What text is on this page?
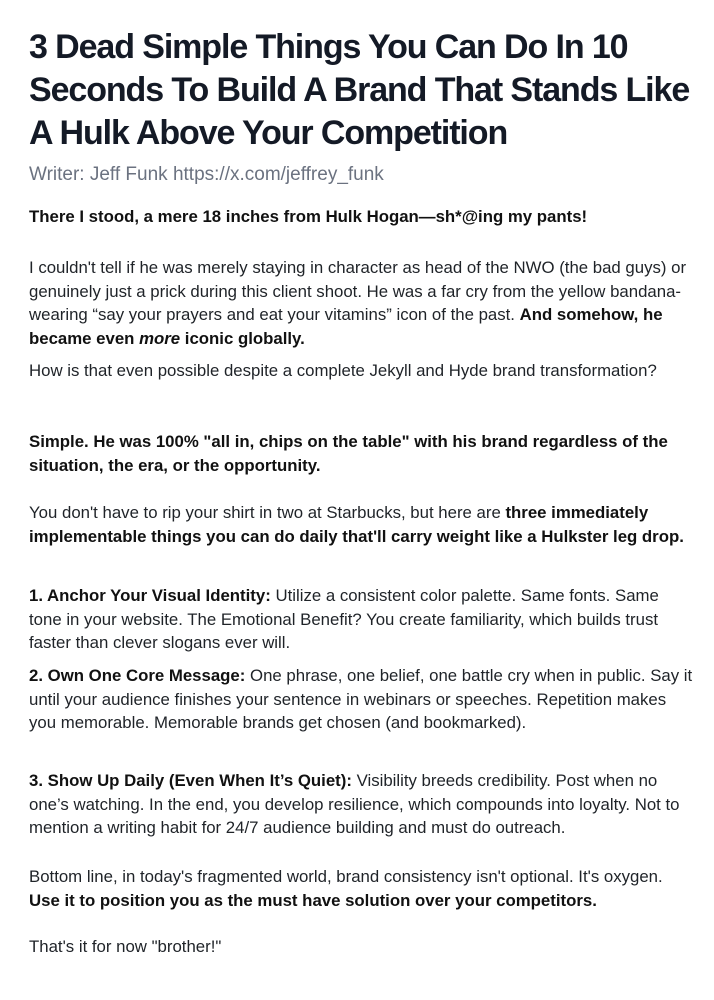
3 Dead Simple Things You Can Do In 10 Seconds To Build A Brand That Stands Like A Hulk Above Your Competition
Writer: Jeff Funk https://x.com/jeffrey_funk
There I stood, a mere 18 inches from Hulk Hogan—sh*@ing my pants!
I couldn't tell if he was merely staying in character as head of the NWO (the bad guys) or genuinely just a prick during this client shoot. He was a far cry from the yellow bandana-wearing “say your prayers and eat your vitamins” icon of the past. And somehow, he became even more iconic globally.
How is that even possible despite a complete Jekyll and Hyde brand transformation?
Simple. He was 100% "all in, chips on the table" with his brand regardless of the situation, the era, or the opportunity.
You don't have to rip your shirt in two at Starbucks, but here are three immediately implementable things you can do daily that'll carry weight like a Hulkster leg drop.
1. Anchor Your Visual Identity: Utilize a consistent color palette. Same fonts. Same tone in your website. The Emotional Benefit? You create familiarity, which builds trust faster than clever slogans ever will.
2. Own One Core Message: One phrase, one belief, one battle cry when in public. Say it until your audience finishes your sentence in webinars or speeches. Repetition makes you memorable. Memorable brands get chosen (and bookmarked).
3. Show Up Daily (Even When It’s Quiet): Visibility breeds credibility. Post when no one’s watching. In the end, you develop resilience, which compounds into loyalty. Not to mention a writing habit for 24/7 audience building and must do outreach.
Bottom line, in today's fragmented world, brand consistency isn't optional. It's oxygen. Use it to position you as the must have solution over your competitors.
That's it for now "brother!"
